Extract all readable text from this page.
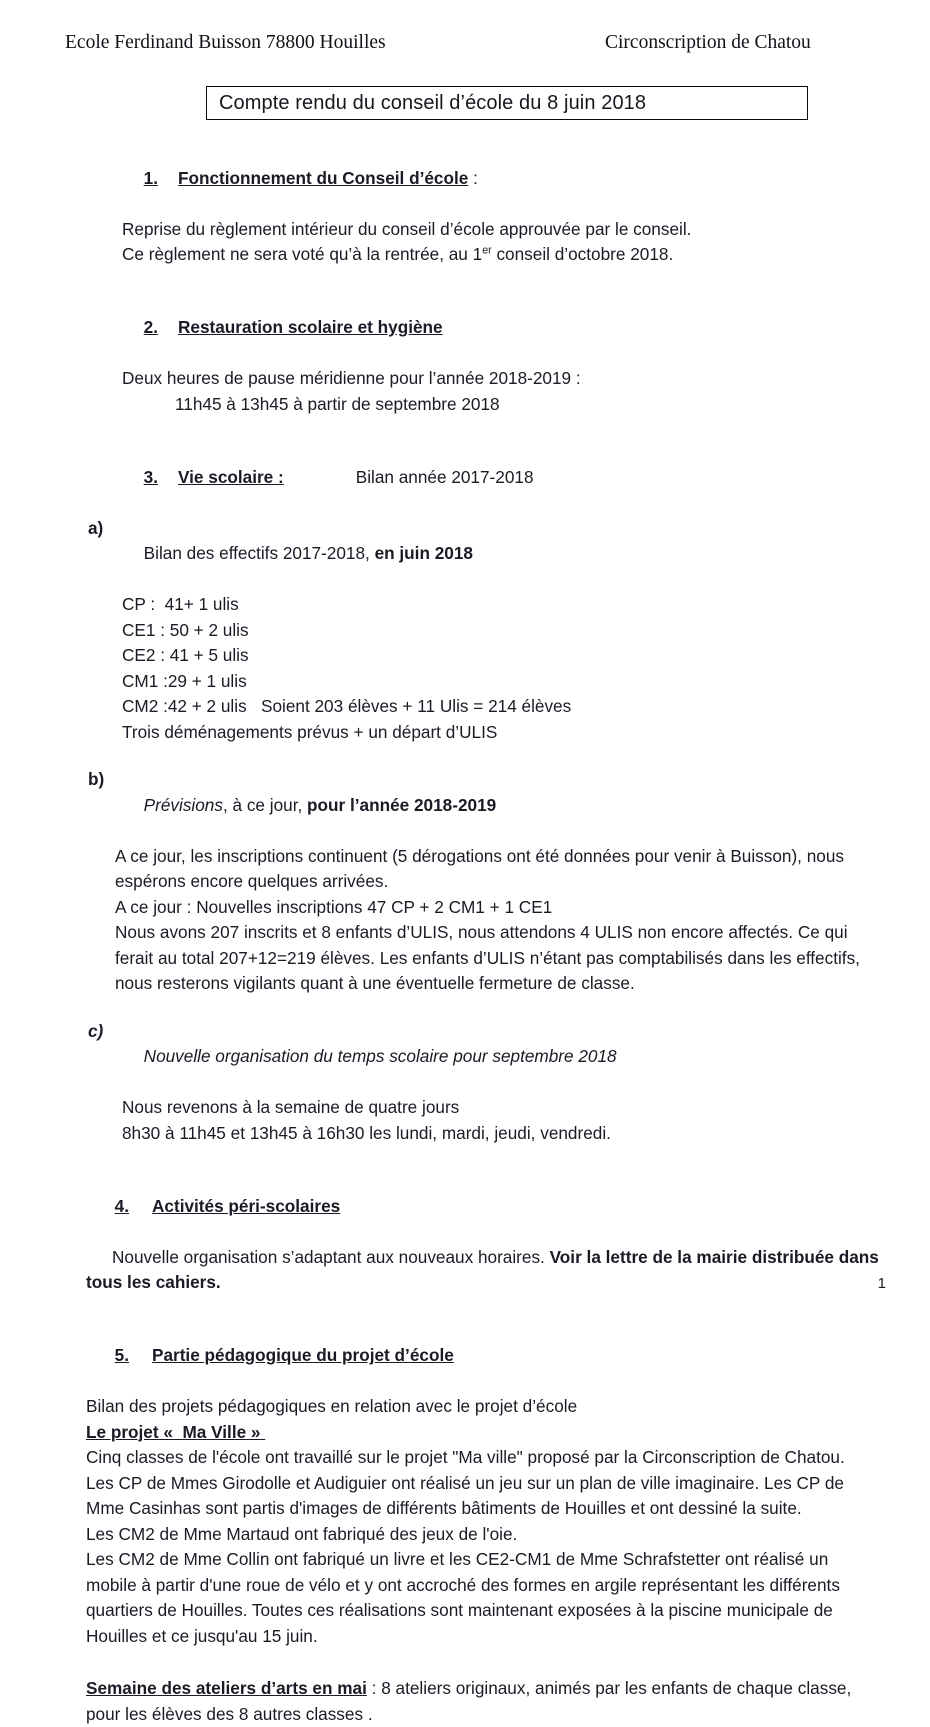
Ecole Ferdinand Buisson 78800 Houilles	Circonscription de Chatou
Compte rendu du conseil d’école du 8 juin 2018

1. Fonctionnement du Conseil d’école :

Reprise du règlement intérieur du conseil d’école approuvée par le conseil.
Ce règlement ne sera voté qu’à la rentrée, au 1er conseil d’octobre 2018.

2. Restauration scolaire et hygiène

Deux heures de pause méridienne pour l’année 2018-2019 :
11h45 à 13h45 à partir de septembre 2018

3. Vie scolaire :	Bilan année 2017-2018

a)
Bilan des effectifs 2017-2018, en juin 2018

CP :  41+ 1 ulis
CE1 : 50 + 2 ulis
CE2 : 41 + 5 ulis
CM1 :29 + 1 ulis
CM2 :42 + 2 ulis   Soient 203 élèves + 11 Ulis = 214 élèves
Trois déménagements prévus + un départ d’ULIS

b)
Prévisions, à ce jour, pour l’année 2018-2019

A ce jour, les inscriptions continuent (5 dérogations ont été données pour venir à Buisson), nous espérons encore quelques arrivées.
A ce jour : Nouvelles inscriptions 47 CP + 2 CM1 + 1 CE1
Nous avons 207 inscrits et 8 enfants d’ULIS, nous attendons 4 ULIS non encore affectés. Ce qui ferait au total 207+12=219 élèves. Les enfants d’ULIS n’étant pas comptabilisés dans les effectifs, nous resterons vigilants quant à une éventuelle fermeture de classe.

c)
Nouvelle organisation du temps scolaire pour septembre 2018

Nous revenons à la semaine de quatre jours
8h30 à 11h45 et 13h45 à 16h30 les lundi, mardi, jeudi, vendredi.

4. Activités péri-scolaires

Nouvelle organisation s’adaptant aux nouveaux horaires. Voir la lettre de la mairie distribuée dans tous les cahiers.

5. Partie pédagogique du projet d’école

Bilan des projets pédagogiques en relation avec le projet d’école
Le projet «  Ma Ville »
Cinq classes de l'école ont travaillé sur le projet "Ma ville" proposé par la Circonscription de Chatou.
Les CP de Mmes Girodolle et Audiguier ont réalisé un jeu sur un plan de ville imaginaire. Les CP de Mme Casinhas sont partis d'images de différents bâtiments de Houilles et ont dessiné la suite.
Les CM2 de Mme Martaud ont fabriqué des jeux de l'oie.
Les CM2 de Mme Collin ont fabriqué un livre et les CE2-CM1 de Mme Schrafstetter ont réalisé un mobile à partir d'une roue de vélo et y ont accroché des formes en argile représentant les différents quartiers de Houilles. Toutes ces réalisations sont maintenant exposées à la piscine municipale de Houilles et ce jusqu'au 15 juin.
Semaine des ateliers d’arts en mai : 8 ateliers originaux, animés par les enfants de chaque classe, pour les élèves des 8 autres classes .
1
